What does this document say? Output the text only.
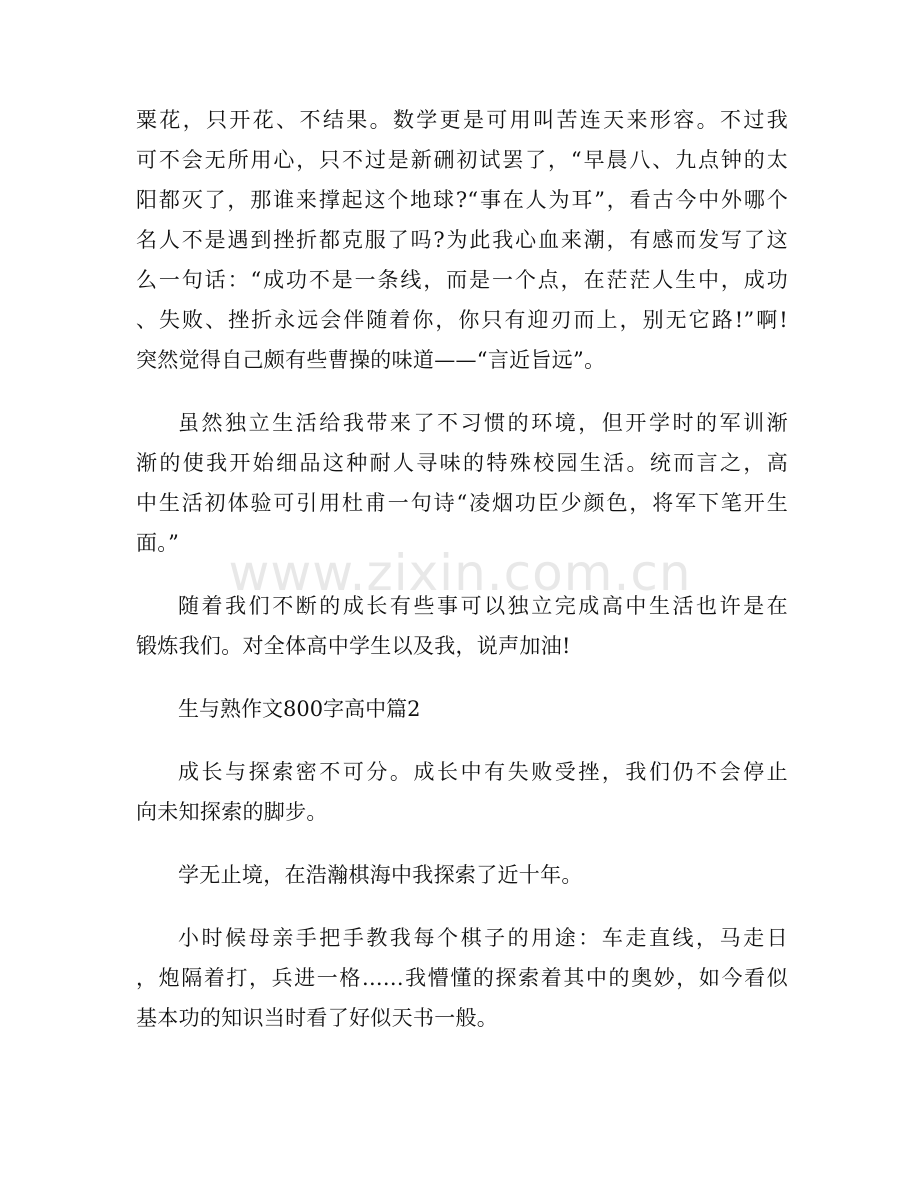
粟花，只开花、不结果。数学更是可用叫苦连天来形容。不过我
可不会无所用心，只不过是新硎初试罢了，“早晨八、九点钟的太
阳都灭了，那谁来撑起这个地球?“事在人为耳”，看古今中外哪个
名人不是遇到挫折都克服了吗?为此我心血来潮，有感而发写了这
么一句话：“成功不是一条线，而是一个点，在茫茫人生中，成功
、失败、挫折永远会伴随着你，你只有迎刃而上，别无它路!”啊!
突然觉得自己颇有些曹操的味道——“言近旨远”。
虽然独立生活给我带来了不习惯的环境，但开学时的军训渐
渐的使我开始细品这种耐人寻味的特殊校园生活。统而言之，高
中生活初体验可引用杜甫一句诗“凌烟功臣少颜色，将军下笔开生
面。”
随着我们不断的成长有些事可以独立完成高中生活也许是在
锻炼我们。对全体高中学生以及我，说声加油!
生与熟作文800字高中篇2
成长与探索密不可分。成长中有失败受挫，我们仍不会停止
向未知探索的脚步。
学无止境，在浩瀚棋海中我探索了近十年。
小时候母亲手把手教我每个棋子的用途：车走直线，马走日
，炮隔着打，兵进一格......我懵懂的探索着其中的奥妙，如今看似
基本功的知识当时看了好似天书一般。
www.zixin.com.cn
